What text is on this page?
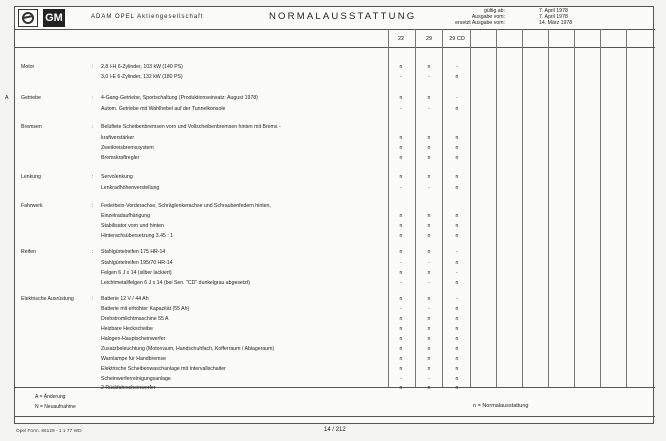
GM	ADAM OPEL Aktiengesellschaft	NORMALAUSSTATTUNG	gültig ab:
Ausgabe vom:
ersetzt Ausgabe vom:
7. April 1978
7. April 1978
14. März 1978
22	29	29 CD
A = Änderung
N = Neuaufnahme	n = Normalausstattung
Motor	: 2,8 l-H 6-Zylinder, 103 kW (140 PS)	n	n	-
3,0 l-E 6-Zylinder, 132 kW (180 PS)	-	-	n
Getriebe	: 4-Gang-Getriebe, Sportschaltung (Produktionseinsatz: August 1978)	n	n	-
Autom. Getriebe mit Wahlhebel auf der Tunnelkonsole	-	-	n
Bremsen	: Belüftete Scheibenbremsen vorn und Vollscheibenbremsen hinten mit Brems -
kraftverstärker	n	n	n
Zweikreisbremssystem	n	n	n
Bremskraftregler	n	n	n
Lenkung	: Servolenkung	n	n	n
Lenkradhöhenverstellung	-	-	n
Fahrwerk	: Federbein-Vorderachse, Schräglenkerachse und Schraubenfedern hinten,
Einzelradaufhängung	n	n	n
Stabilisator vorn und hinten	n	n	n
Hinterachsübersetzung 3.45 : 1	n	n	n
Reifen	: Stahlgürtelreifen 175 HR-14	n	n	-
Stahlgürtelreifen 195/70 HR-14	-	-	n
Felgen 6 J x 14 (silber lackiert)	n	n	-
Leichtmetallfelgen 6 J x 14 (bei Sen. "CD" dunkelgrau abgesetzt)	-	-	n
Elektrische Ausrüstung	: Batterie 12 V / 44 Ah	n	n	-
Batterie mit erhöhter Kapazität (55 Ah)	-	-	n
Drehstromlichtmaschine 55 A	n	n	n
Heizbare Heckscheibe	n	n	n
Halogen-Hauptscheinwerfer	n	n	n
Zusatzbeleuchtung (Motorraum, Handschuhfach, Kofferraum / Ablageraum)	n	n	n
Warnlampe für Handbremse	n	n	n
Elektrische Scheibenwaschanlage mit Intervallschalter	n	n	n
Scheinwerferreinigungsanlage	-	-	n
2 Rückfahrscheinwerfer	n	n	n
A
Opel Form. 86129 - 1 1 77 WD	14 / 212
